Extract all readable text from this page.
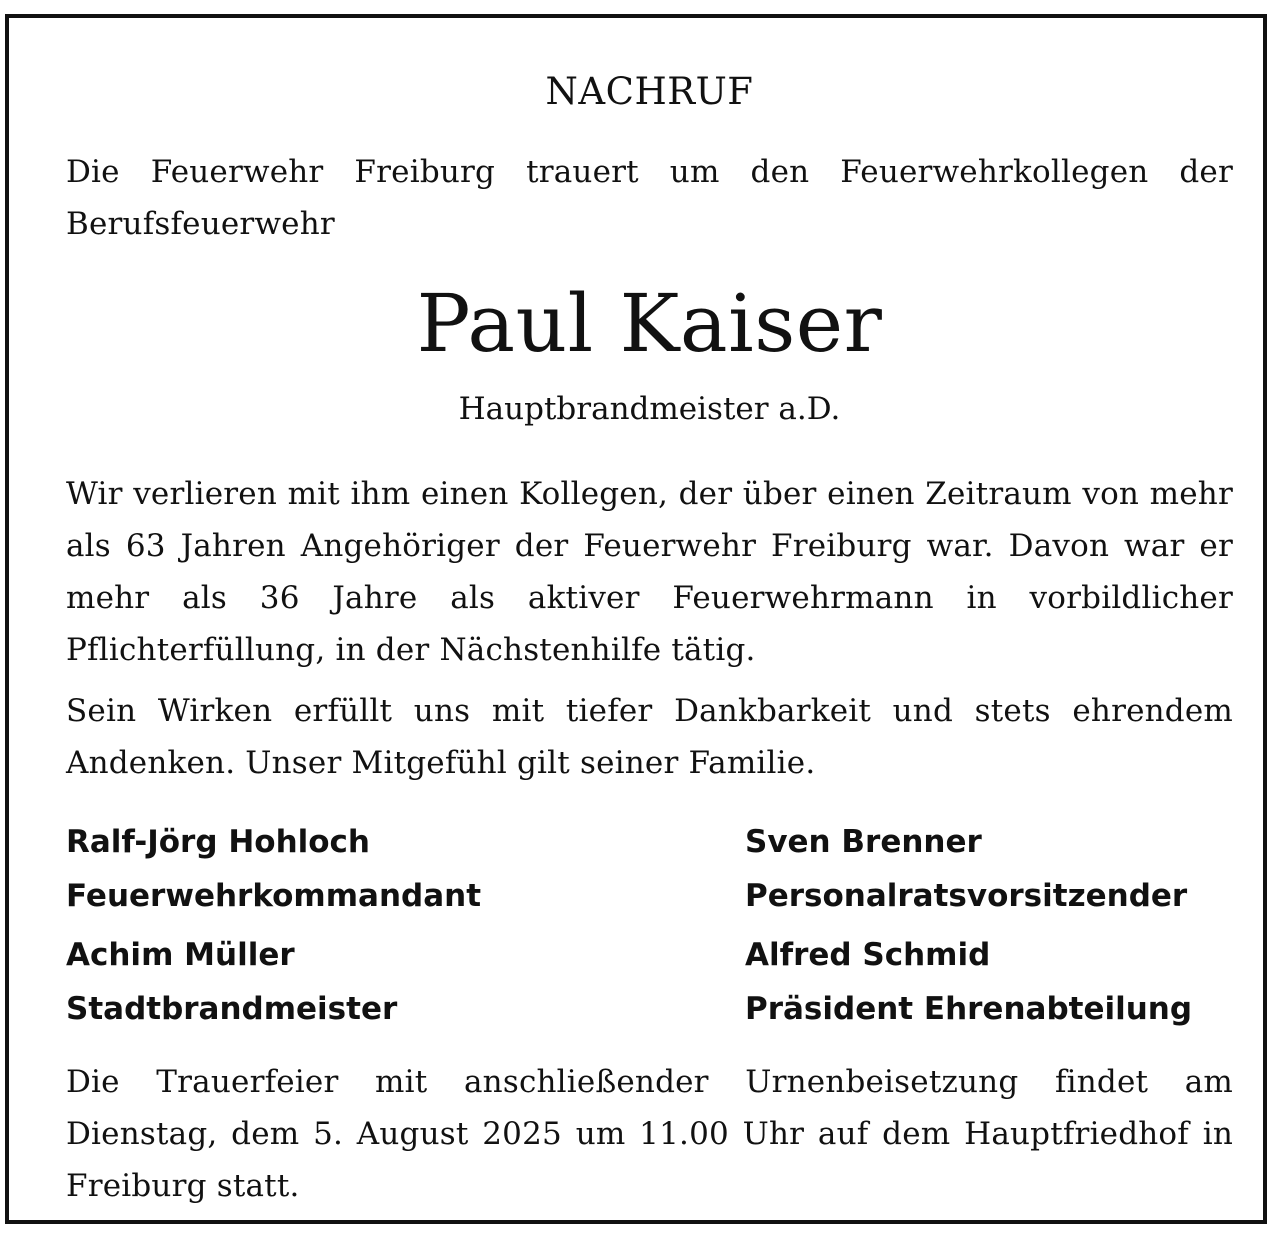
NACHRUF
Die Feuerwehr Freiburg trauert um den Feuerwehrkollegen der Berufsfeuerwehr
Paul Kaiser
Hauptbrandmeister a.D.
Wir verlieren mit ihm einen Kollegen, der über einen Zeitraum von mehr als 63 Jahren Angehöriger der Feuerwehr Freiburg war. Davon war er mehr als 36 Jahre als aktiver Feuerwehrmann in vorbildlicher Pflichterfüllung, in der Nächstenhilfe tätig.
Sein Wirken erfüllt uns mit tiefer Dankbarkeit und stets ehrendem Andenken. Unser Mitgefühl gilt seiner Familie.
Ralf-Jörg Hohloch
Feuerwehrkommandant
Sven Brenner
Personalratsvorsitzender
Achim Müller
Stadtbrandmeister
Alfred Schmid
Präsident Ehrenabteilung
Die Trauerfeier mit anschließender Urnenbeisetzung findet am Dienstag, dem 5. August 2025 um 11.00 Uhr auf dem Hauptfriedhof in Freiburg statt.
